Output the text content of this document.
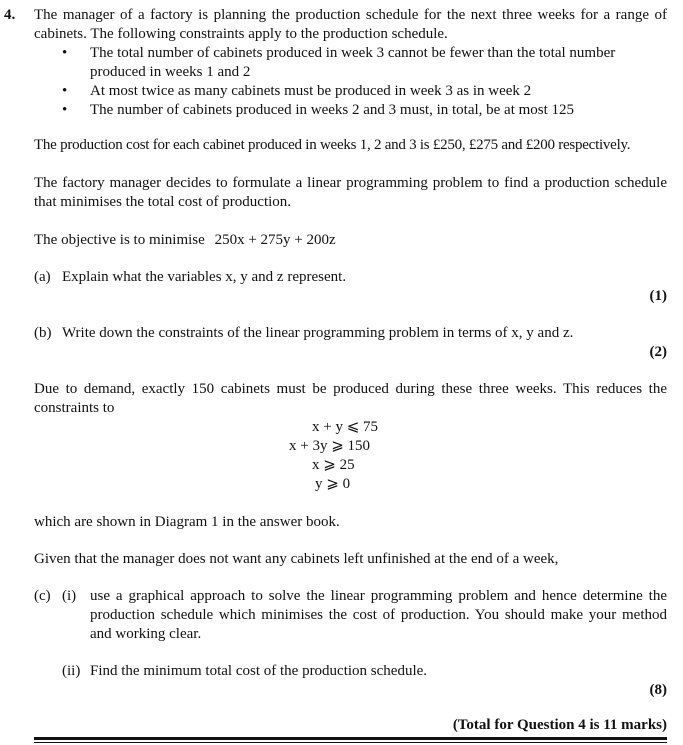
4. The manager of a factory is planning the production schedule for the next three weeks for a range of cabinets. The following constraints apply to the production schedule.
• The total number of cabinets produced in week 3 cannot be fewer than the total number produced in weeks 1 and 2
• At most twice as many cabinets must be produced in week 3 as in week 2
• The number of cabinets produced in weeks 2 and 3 must, in total, be at most 125
The production cost for each cabinet produced in weeks 1, 2 and 3 is £250, £275 and £200 respectively.
The factory manager decides to formulate a linear programming problem to find a production schedule that minimises the total cost of production.
The objective is to minimise 250x + 275y + 200z
(a) Explain what the variables x, y and z represent.
(1)
(b) Write down the constraints of the linear programming problem in terms of x, y and z.
(2)
Due to demand, exactly 150 cabinets must be produced during these three weeks. This reduces the constraints to
x + y ⩽ 75
x + 3y ⩾ 150
x ⩾ 25
y ⩾ 0
which are shown in Diagram 1 in the answer book.
Given that the manager does not want any cabinets left unfinished at the end of a week,
(c) (i) use a graphical approach to solve the linear programming problem and hence determine the production schedule which minimises the cost of production. You should make your method and working clear.
(ii) Find the minimum total cost of the production schedule.
(8)
(Total for Question 4 is 11 marks)
